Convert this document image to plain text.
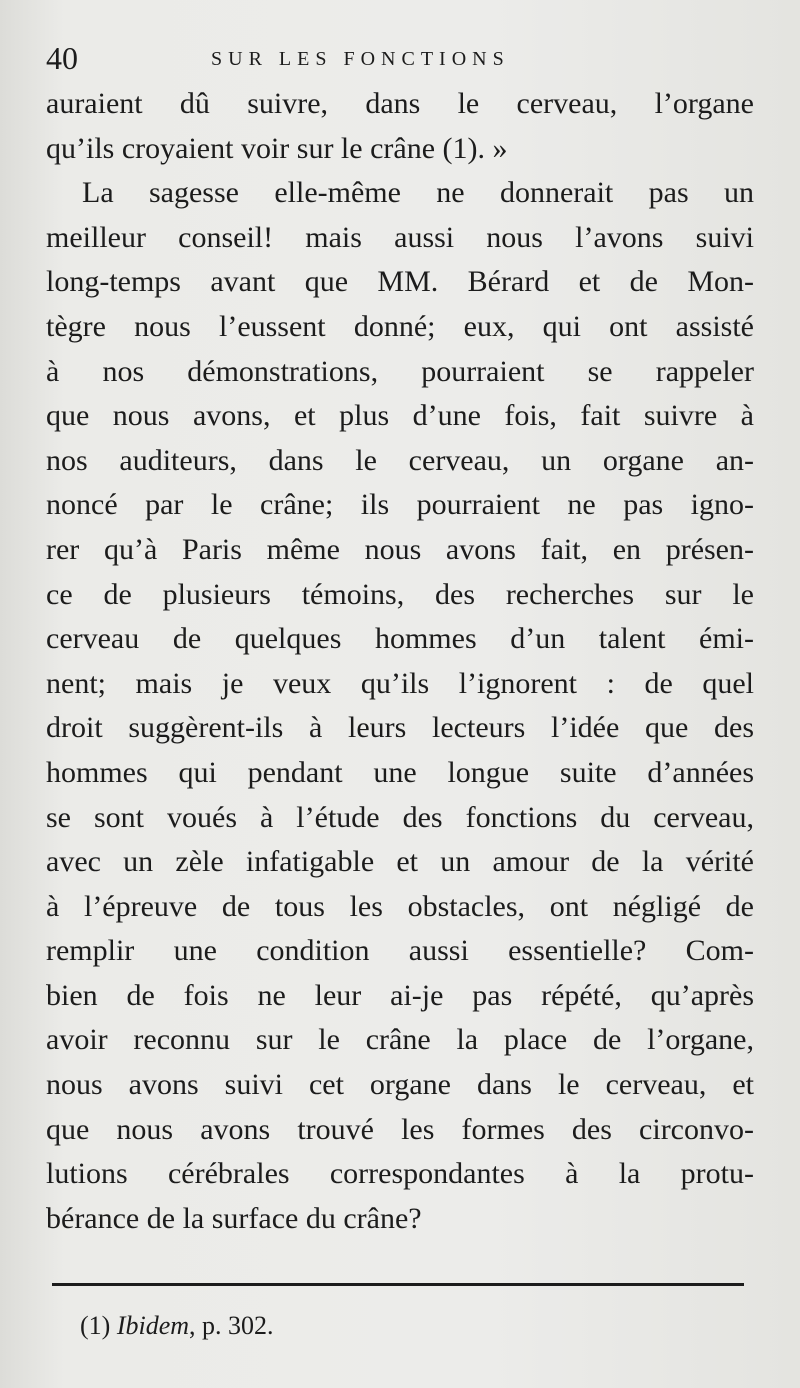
40	SUR LES FONCTIONS
auraient dû suivre, dans le cerveau, l’organe
qu’ils croyaient voir sur le crâne (1). »
La sagesse elle-même ne donnerait pas un
meilleur conseil! mais aussi nous l’avons suivi
long-temps avant que MM. Bérard et de Mon-
tègre nous l’eussent donné; eux, qui ont assisté
à nos démonstrations, pourraient se rappeler
que nous avons, et plus d’une fois, fait suivre à
nos auditeurs, dans le cerveau, un organe an-
noncé par le crâne; ils pourraient ne pas igno-
rer qu’à Paris même nous avons fait, en présen-
ce de plusieurs témoins, des recherches sur le
cerveau de quelques hommes d’un talent émi-
nent; mais je veux qu’ils l’ignorent : de quel
droit suggèrent-ils à leurs lecteurs l’idée que des
hommes qui pendant une longue suite d’années
se sont voués à l’étude des fonctions du cerveau,
avec un zèle infatigable et un amour de la vérité
à l’épreuve de tous les obstacles, ont négligé de
remplir une condition aussi essentielle? Com-
bien de fois ne leur ai-je pas répété, qu’après
avoir reconnu sur le crâne la place de l’organe,
nous avons suivi cet organe dans le cerveau, et
que nous avons trouvé les formes des circonvo-
lutions cérébrales correspondantes à la protu-
bérance de la surface du crâne?
(1) Ibidem, p. 302.
